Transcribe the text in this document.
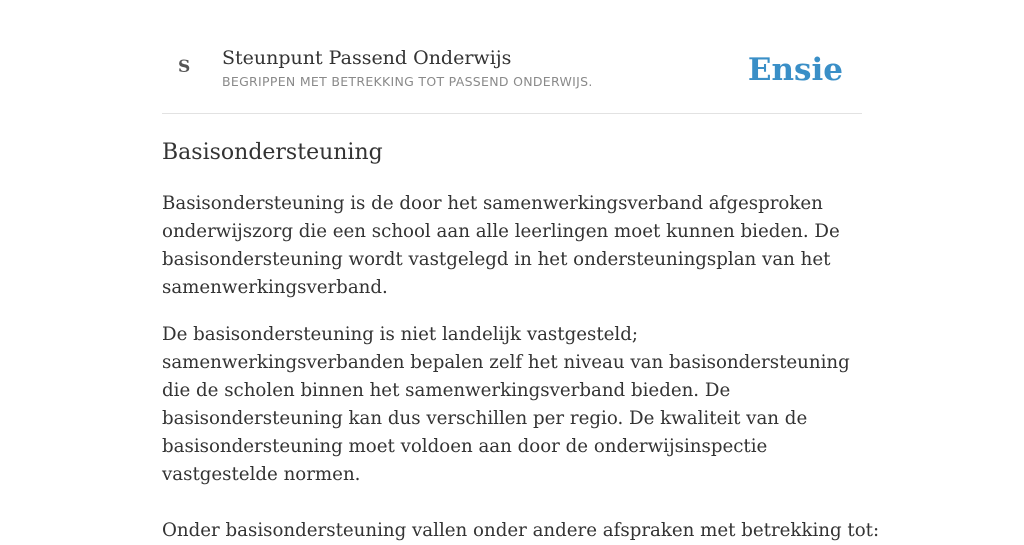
S Steunpunt Passend Onderwijs
BEGRIPPEN MET BETREKKING TOT PASSEND ONDERWIJS.	Ensie
Basisondersteuning

Basisondersteuning is de door het samenwerkingsverband afgesproken onderwijszorg die een school aan alle leerlingen moet kunnen bieden. De basisondersteuning wordt vastgelegd in het ondersteuningsplan van het samenwerkingsverband.

De basisondersteuning is niet landelijk vastgesteld; samenwerkingsverbanden bepalen zelf het niveau van basisondersteuning die de scholen binnen het samenwerkingsverband bieden. De basisondersteuning kan dus verschillen per regio. De kwaliteit van de basisondersteuning moet voldoen aan door de onderwijsinspectie vastgestelde normen.

Onder basisondersteuning vallen onder andere afspraken met betrekking tot:
